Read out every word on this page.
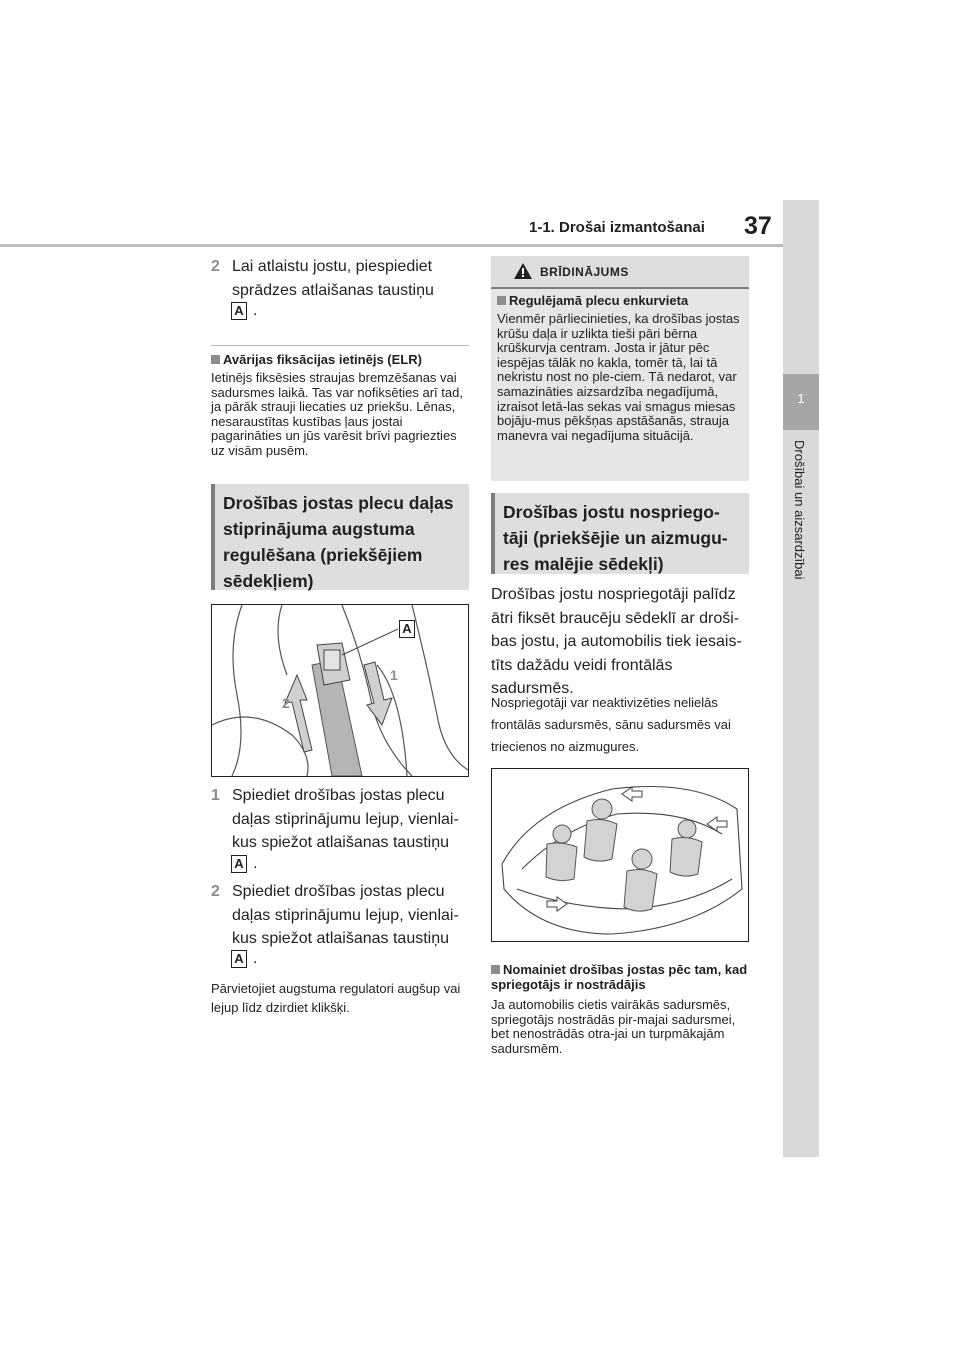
1-1. Drošai izmantošanai 37
1
Drošībai un aizsardzībai
2 Lai atlaistu jostu, piespiediet sprādzes atlaišanas taustiņu
A .
Avārijas fiksācijas ietinējs (ELR)
Ietinējs fiksēsies straujas bremzēšanas vai sadursmes laikā. Tas var nofiksēties arī tad, ja pārāk strauji liecaties uz priekšu. Lēnas, nesaraustītas kustības ļaus jostai pagarināties un jūs varēsit brīvi pagriezties uz visām pusēm.
Drošības jostas plecu daļas stiprinājuma augstuma regulēšana (priekšējiem sēdekļiem)
A
1
2
1 Spiediet drošības jostas plecu daļas stiprinājumu lejup, vienlai-kus spiežot atlaišanas taustiņu
A .
2 Spiediet drošības jostas plecu daļas stiprinājumu lejup, vienlai-kus spiežot atlaišanas taustiņu
A .
Pārvietojiet augstuma regulatori augšup vai lejup līdz dzirdiet klikšķi.
BRĪDINĀJUMS
Regulējamā plecu enkurvieta
Vienmēr pārliecinieties, ka drošības jostas krūšu daļa ir uzlikta tieši pāri bērna krūškurvja centram. Josta ir jātur pēc iespējas tālāk no kakla, tomēr tā, lai tā nekristu nost no ple-ciem. Tā nedarot, var samazināties aizsardzība negadījumā, izraisot letā-las sekas vai smagus miesas bojāju-mus pēkšņas apstāšanās, strauja manevra vai negadījuma situācijā.
Drošības jostu nospriego-tāji (priekšējie un aizmugu-res malējie sēdekļi)
Drošības jostu nospriegotāji palīdz ātri fiksēt braucēju sēdeklī ar droši-bas jostu, ja automobilis tiek iesais-tīts dažādu veidi frontālās sadursmēs.
Nospriegotāji var neaktivizēties nelielās frontālās sadursmēs, sānu sadursmēs vai triecienos no aizmugures.
Nomainiet drošības jostas pēc tam, kad spriegotājs ir nostrādājis
Ja automobilis cietis vairākās sadursmēs, spriegotājs nostrādās pir-majai sadursmei, bet nenostrādās otra-jai un turpmākajām sadursmēm.
